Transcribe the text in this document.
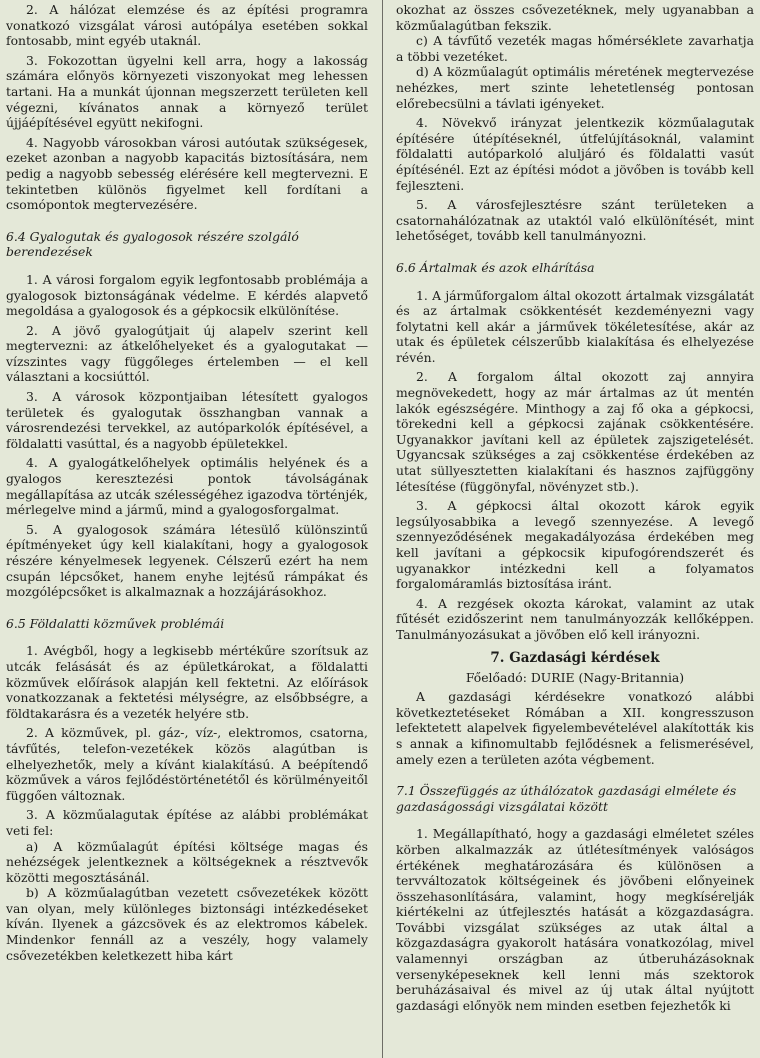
2. A hálózat elemzése és az építési programra vonatkozó vizsgálat városi autópálya esetében sokkal fontosabb, mint egyéb utaknál.

3. Fokozottan ügyelni kell arra, hogy a lakosság számára előnyös környezeti viszonyokat meg lehessen tartani. Ha a munkát újonnan megszerzett területen kell végezni, kívánatos annak a környező terület újjáépítésével együtt nekifogni.

4. Nagyobb városokban városi autóutak szükségesek, ezeket azonban a nagyobb kapacitás biztosítására, nem pedig a nagyobb sebesség elérésére kell megtervezni. E tekintetben különös figyelmet kell fordítani a csomópontok megtervezésére.

6.4 Gyalogutak és gyalogosok részére szolgáló berendezések

1. A városi forgalom egyik legfontosabb problémája a gyalogosok biztonságának védelme. E kérdés alapvető megoldása a gyalogosok és a gépkocsik elkülönítése.

2. A jövő gyalogútjait új alapelv szerint kell megtervezni: az átkelőhelyeket és a gyalogutakat — vízszintes vagy függőleges értelemben — el kell választani a kocsiúttól.

3. A városok központjaiban létesített gyalogos területek és gyalogutak összhangban vannak a városrendezési tervekkel, az autóparkolók építésével, a földalatti vasúttal, és a nagyobb épületekkel.

4. A gyalogátkelőhelyek optimális helyének és a gyalogos keresztezési pontok távolságának megállapítása az utcák szélességéhez igazodva történjék, mérlegelve mind a jármű, mind a gyalogosforgalmat.

5. A gyalogosok számára létesülő különszintű építményeket úgy kell kialakítani, hogy a gyalogosok részére kényelmesek legyenek. Célszerű ezért ha nem csupán lépcsőket, hanem enyhe lejtésű rámpákat és mozgólépcsőket is alkalmaznak a hozzájárásokhoz.

6.5 Földalatti közművek problémái

1. Avégből, hogy a legkisebb mértékűre szorítsuk az utcák felásását és az épületkárokat, a földalatti közművek előírások alapján kell fektetni. Az előírások vonatkozzanak a fektetési mélységre, az elsőbbségre, a földtakarásra és a vezeték helyére stb.

2. A közművek, pl. gáz-, víz-, elektromos, csatorna, távfűtés, telefon-vezetékek közös alagútban is elhelyezhetők, mely a kívánt kialakítású. A beépítendő közművek a város fejlődéstörténetétől és körülményeitől függően változnak.

3. A közműalagutak építése az alábbi problémákat veti fel:

a) A közműalagút építési költsége magas és nehézségek jelentkeznek a költségeknek a résztvevők közötti megosztásánál.

b) A közműalagútban vezetett csővezetékek között van olyan, mely különleges biztonsági intézkedéseket kíván. Ilyenek a gázcsövek és az elektromos kábelek. Mindenkor fennáll az a veszély, hogy valamely csővezetékben keletkezett hiba kárt

okozhat az összes csővezetéknek, mely ugyanabban a közműalagútban fekszik.

c) A távfűtő vezeték magas hőmérséklete zavarhatja a többi vezetéket.

d) A közműalagút optimális méretének megtervezése nehézkes, mert szinte lehetetlenség pontosan előrebecsülni a távlati igényeket.

4. Növekvő irányzat jelentkezik közműalagutak építésére útépítéseknél, útfelújításoknál, valamint földalatti autóparkoló aluljáró és földalatti vasút építésénél. Ezt az építési módot a jövőben is tovább kell fejleszteni.

5. A városfejlesztésre szánt területeken a csatornahálózatnak az utaktól való elkülönítését, mint lehetőséget, tovább kell tanulmányozni.

6.6 Ártalmak és azok elhárítása

1. A járműforgalom által okozott ártalmak vizsgálatát és az ártalmak csökkentését kezdeményezni vagy folytatni kell akár a járművek tökéletesítése, akár az utak és épületek célszerűbb kialakítása és elhelyezése révén.

2. A forgalom által okozott zaj annyira megnövekedett, hogy az már ártalmas az út mentén lakók egészségére. Minthogy a zaj fő oka a gépkocsi, törekedni kell a gépkocsi zajának csökkentésére. Ugyanakkor javítani kell az épületek zajszigetelését. Ugyancsak szükséges a zaj csökkentése érdekében az utat süllyesztetten kialakítani és hasznos zajfüggöny létesítése (függönyfal, növényzet stb.).

3. A gépkocsi által okozott károk egyik legsúlyosabbika a levegő szennyezése. A levegő szennyeződésének megakadályozása érdekében meg kell javítani a gépkocsik kipufogórendszerét és ugyanakkor intézkedni kell a folyamatos forgalomáramlás biztosítása iránt.

4. A rezgések okozta károkat, valamint az utak fűtését ezidőszerint nem tanulmányozzák kellőképpen. Tanulmányozásukat a jövőben elő kell irányozni.

7. Gazdasági kérdések
Főelőadó: DURIE (Nagy-Britannia)

A gazdasági kérdésekre vonatkozó alábbi következtetéseket Rómában a XII. kongresszuson lefektetett alapelvek figyelembevételével alakították kis s annak a kifinomultabb fejlődésnek a felismerésével, amely ezen a területen azóta végbement.

7.1 Összefüggés az úthálózatok gazdasági elmélete és gazdaságossági vizsgálatai között

1. Megállapítható, hogy a gazdasági elméletet széles körben alkalmazzák az útlétesítmények valóságos értékének meghatározására és különösen a tervváltozatok költségeinek és jövőbeni előnyeinek összehasonlítására, valamint, hogy megkísérelják kiértékelni az útfejlesztés hatását a közgazdaságra. További vizsgálat szükséges az utak által a közgazdaságra gyakorolt hatására vonatkozólag, mivel valamennyi országban az útberuházásoknak versenyképeseknek kell lenni más szektorok beruházásaival és mivel az új utak által nyújtott gazdasági előnyök nem minden esetben fejezhetők ki
